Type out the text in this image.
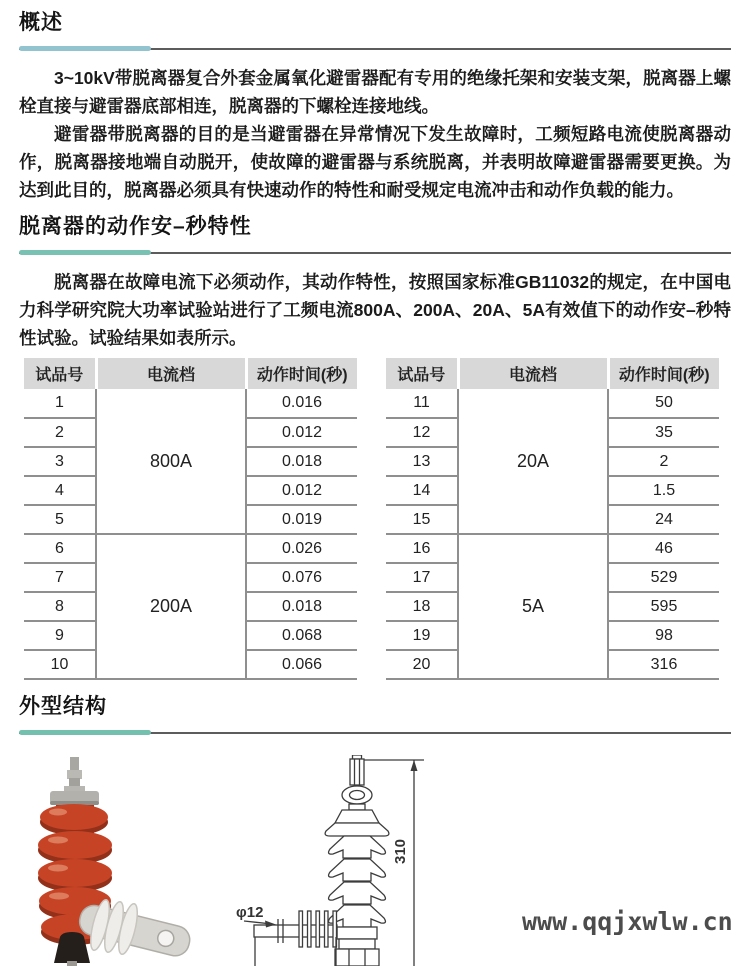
概述

3~10kV带脱离器复合外套金属氧化避雷器配有专用的绝缘托架和安装支架，脱离器上螺栓直接与避雷器底部相连，脱离器的下螺栓连接地线。

避雷器带脱离器的目的是当避雷器在异常情况下发生故障时，工频短路电流使脱离器动作，脱离器接地端自动脱开，使故障的避雷器与系统脱离，并表明故障避雷器需要更换。为达到此目的，脱离器必须具有快速动作的特性和耐受规定电流冲击和动作负载的能力。

脱离器的动作安–秒特性

脱离器在故障电流下必须动作，其动作特性，按照国家标准GB11032的规定，在中国电力科学研究院大功率试验站进行了工频电流800A、200A、20A、5A有效值下的动作安–秒特性试验。试验结果如表所示。

试品号	电流档	动作时间(秒)
1	800A	0.016
2		0.012
3		0.018
4		0.012
5		0.019
6	200A	0.026
7		0.076
8		0.018
9		0.068
10		0.066
试品号	电流档	动作时间(秒)
11	20A	50
12		35
13		2
14		1.5
15		24
16	5A	46
17		529
18		595
19		98
20		316
外型结构
φ12
310
www.qqjxwlw.cn
